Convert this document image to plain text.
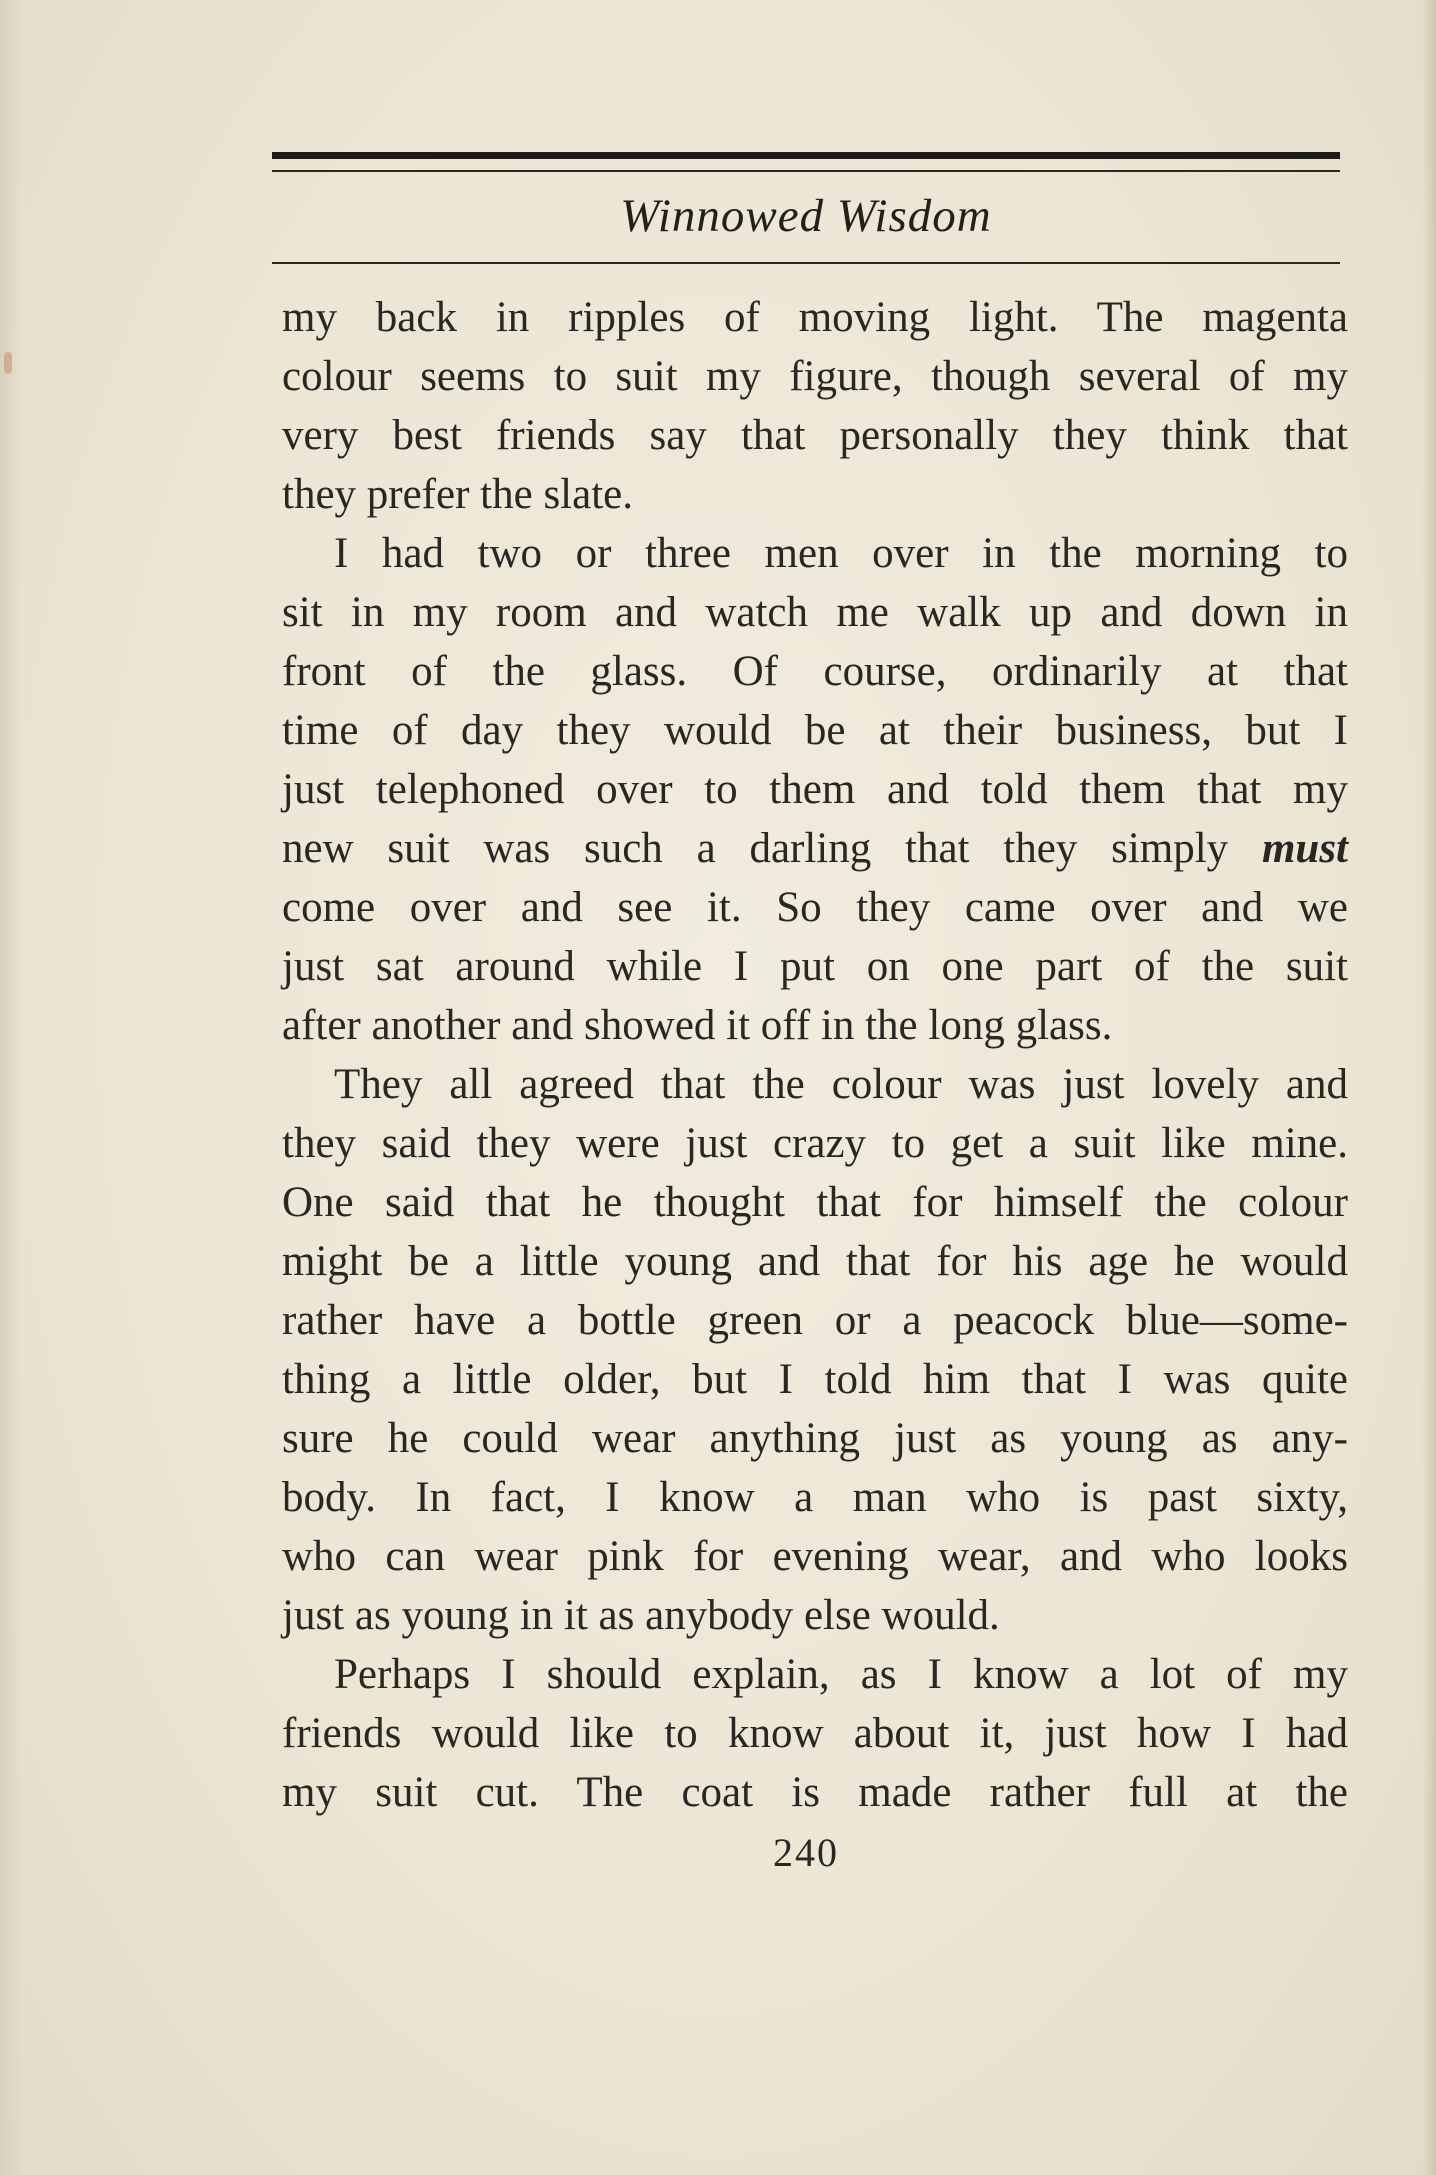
Winnowed Wisdom
my back in ripples of moving light. The magenta
colour seems to suit my figure, though several of my
very best friends say that personally they think that
they prefer the slate.
I had two or three men over in the morning to
sit in my room and watch me walk up and down in
front of the glass. Of course, ordinarily at that
time of day they would be at their business, but I
just telephoned over to them and told them that my
new suit was such a darling that they simply must
come over and see it. So they came over and we
just sat around while I put on one part of the suit
after another and showed it off in the long glass.
They all agreed that the colour was just lovely and
they said they were just crazy to get a suit like mine.
One said that he thought that for himself the colour
might be a little young and that for his age he would
rather have a bottle green or a peacock blue—some-
thing a little older, but I told him that I was quite
sure he could wear anything just as young as any-
body. In fact, I know a man who is past sixty,
who can wear pink for evening wear, and who looks
just as young in it as anybody else would.
Perhaps I should explain, as I know a lot of my
friends would like to know about it, just how I had
my suit cut. The coat is made rather full at the
240
